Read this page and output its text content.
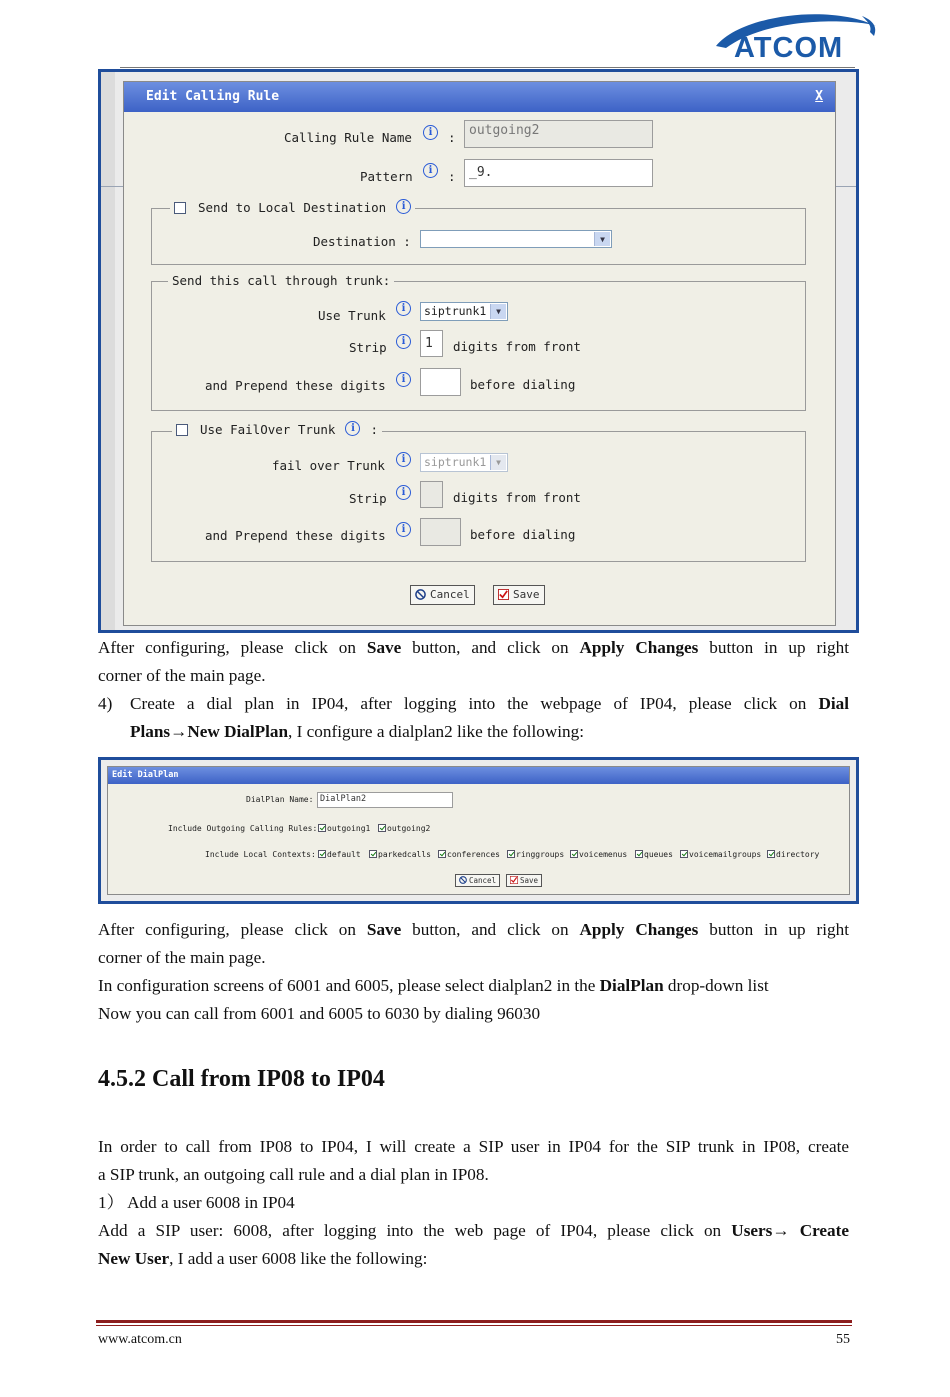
ATCOM
Edit Calling Rule	X
Calling Rule Name	i	:	outgoing2
Pattern	i	:	_9.
Send to Local Destination i
Destination :	▼
Send this call through trunk:
Use Trunk	i	siptrunk1	▼
Strip	i	1	digits from front
and Prepend these digits	i	before dialing
Use FailOver Trunk i :
fail over Trunk	i	siptrunk1	▼
Strip	i	digits from front
and Prepend these digits	i	before dialing
Cancel	Save
After configuring, please click on Save button, and click on Apply Changes button in up right
corner of the main page.
4) Create a dial plan in IP04, after logging into the webpage of IP04, please click on Dial
Plans→New DialPlan, I configure a dialplan2 like the following:
Edit DialPlan
DialPlan Name: DialPlan2
Include Outgoing Calling Rules:	outgoing1	outgoing2
Include Local Contexts:	default	parkedcalls	conferences	ringgroups	voicemenus	queues	voicemailgroups	directory
Cancel	Save
After configuring, please click on Save button, and click on Apply Changes button in up right
corner of the main page.
In configuration screens of 6001 and 6005, please select dialplan2 in the DialPlan drop-down list
Now you can call from 6001 and 6005 to 6030 by dialing 96030
4.5.2 Call from IP08 to IP04
In order to call from IP08 to IP04, I will create a SIP user in IP04 for the SIP trunk in IP08, create
a SIP trunk, an outgoing call rule and a dial plan in IP08.
1） Add a user 6008 in IP04
Add a SIP user: 6008, after logging into the web page of IP04, please click on Users→ Create
New User, I add a user 6008 like the following:
www.atcom.cn	55
